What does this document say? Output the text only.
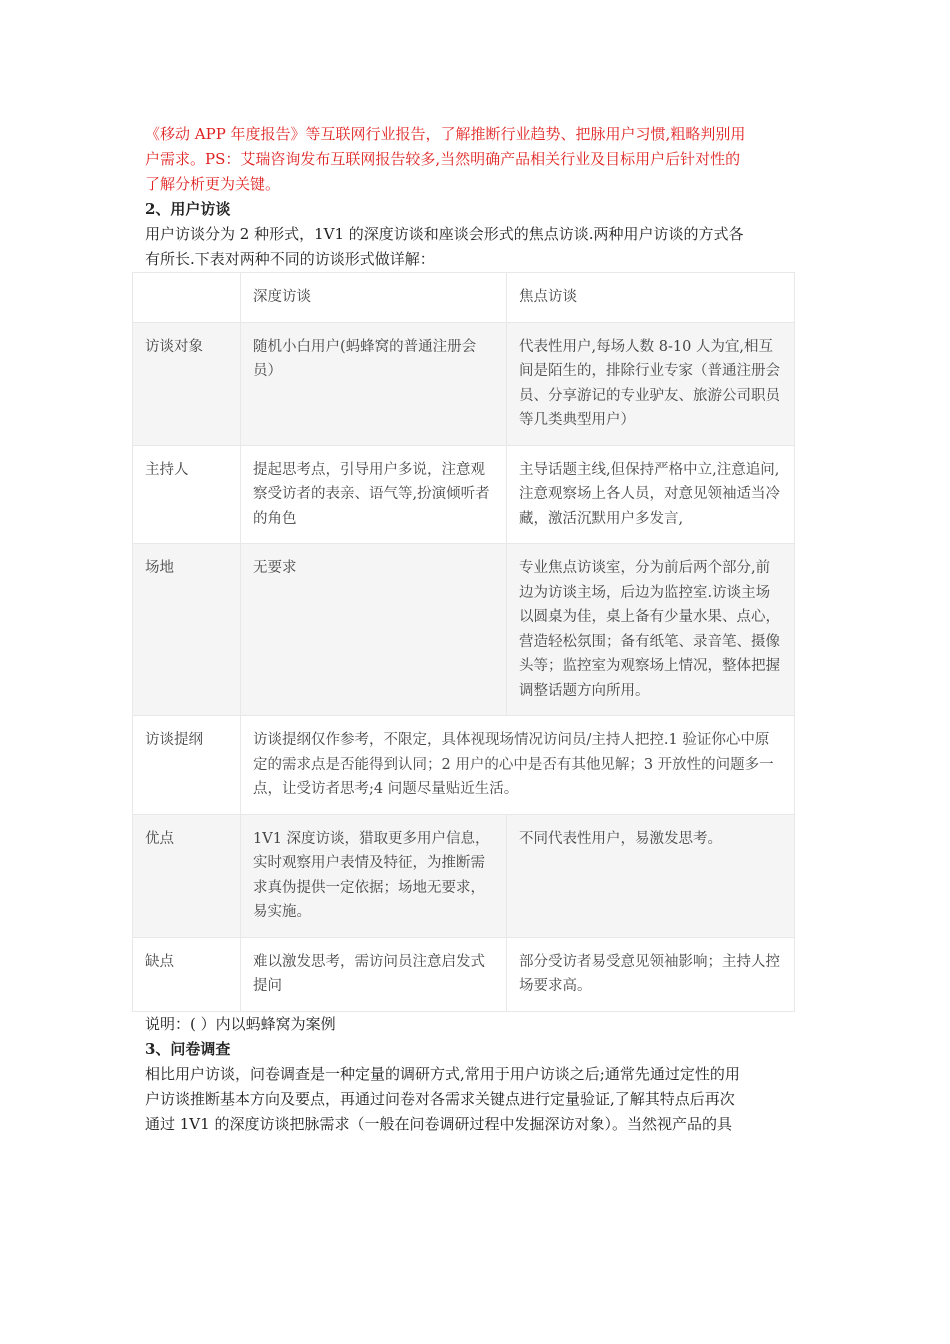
《移动 APP 年度报告》等互联网行业报告，了解推断行业趋势、把脉用户习惯,粗略判别用

户需求。PS：艾瑞咨询发布互联网报告较多,当然明确产品相关行业及目标用户后针对性的

了解分析更为关键。

2、用户访谈

用户访谈分为 2 种形式，1V1 的深度访谈和座谈会形式的焦点访谈.两种用户访谈的方式各

有所长.下表对两种不同的访谈形式做详解：

	深度访谈	焦点访谈
访谈对象	随机小白用户(蚂蜂窝的普通注册会员）	代表性用户,每场人数 8-10 人为宜,相互间是陌生的，排除行业专家（普通注册会员、分享游记的专业驴友、旅游公司职员等几类典型用户）
主持人	提起思考点，引导用户多说，注意观察受访者的表亲、语气等,扮演倾听者的角色	主导话题主线,但保持严格中立,注意追问,注意观察场上各人员，对意见领袖适当冷藏，激活沉默用户多发言,
场地	无要求	专业焦点访谈室，分为前后两个部分,前边为访谈主场，后边为监控室.访谈主场以圆桌为佳，桌上备有少量水果、点心，营造轻松氛围；备有纸笔、录音笔、摄像头等；监控室为观察场上情况，整体把握调整话题方向所用。
访谈提纲	访谈提纲仅作参考，不限定，具体视现场情况访问员/主持人把控.1 验证你心中原定的需求点是否能得到认同；2 用户的心中是否有其他见解；3 开放性的问题多一点，让受访者思考;4 问题尽量贴近生活。	
优点	1V1 深度访谈，猎取更多用户信息，实时观察用户表情及特征，为推断需求真伪提供一定依据；场地无要求，易实施。	不同代表性用户，易激发思考。
缺点	难以激发思考，需访问员注意启发式提问	部分受访者易受意见领袖影响；主持人控场要求高。

说明：( ）内以蚂蜂窝为案例

3、问卷调查

相比用户访谈，问卷调查是一种定量的调研方式,常用于用户访谈之后;通常先通过定性的用

户访谈推断基本方向及要点，再通过问卷对各需求关键点进行定量验证,了解其特点后再次

通过 1V1 的深度访谈把脉需求（一般在问卷调研过程中发掘深访对象）。当然视产品的具
